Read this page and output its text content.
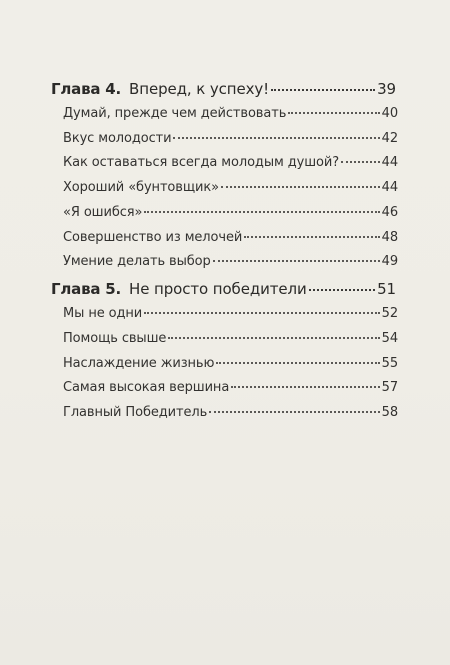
Глава 4. Вперед, к успеху!	39
Думай, прежде чем действовать	40
Вкус молодости	42
Как оставаться всегда молодым душой?	44
Хороший «бунтовщик»	44
«Я ошибся»	46
Совершенство из мелочей	48
Умение делать выбор	49
Глава 5. Не просто победители	51
Мы не одни	52
Помощь свыше	54
Наслаждение жизнью	55
Самая высокая вершина	57
Главный Победитель	58
